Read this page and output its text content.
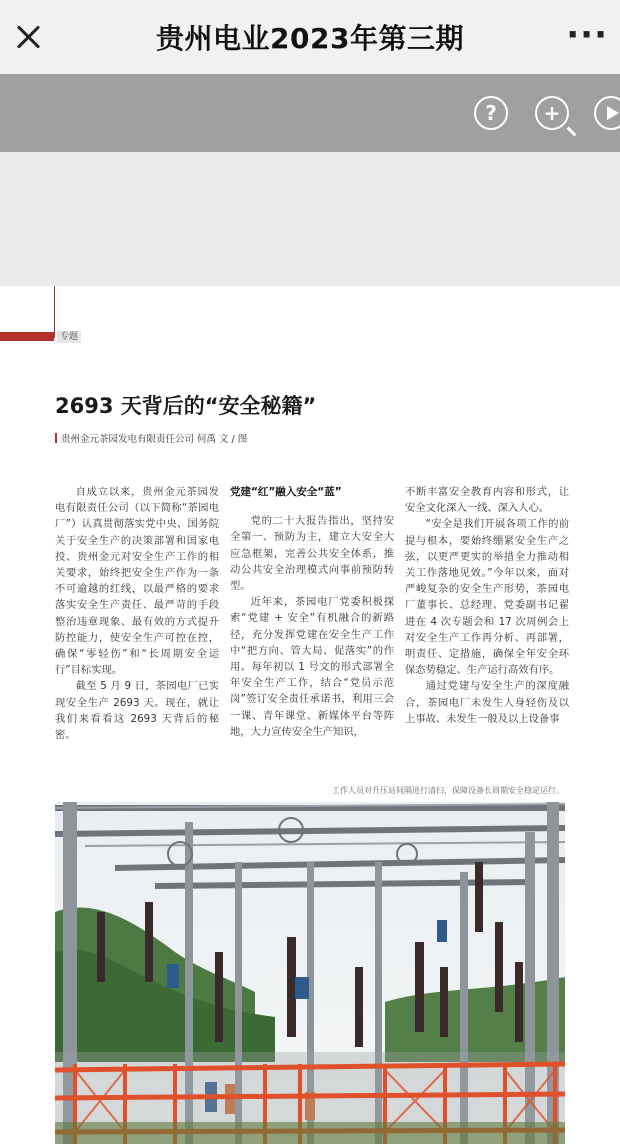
贵州电业2023年第三期	···
?	+
专题
2693 天背后的“安全秘籍”
贵州金元茶园发电有限责任公司 何禹 文 / 图

自成立以来，贵州金元茶园发电有限责任公司（以下简称“茶园电厂”）认真贯彻落实党中央、国务院关于安全生产的决策部署和国家电投、贵州金元对安全生产工作的相关要求，始终把安全生产作为一条不可逾越的红线，以最严格的要求落实安全生产责任、最严苛的手段整治违章现象、最有效的方式提升防控能力，使安全生产可控在控，确保“零轻伤”和“长周期安全运行”目标实现。

截至 5 月 9 日，茶园电厂已实现安全生产 2693 天。现在，就让我们来看看这 2693 天背后的秘密。

党建“红”融入安全“蓝”

党的二十大报告指出，坚持安全第一、预防为主，建立大安全大应急框架，完善公共安全体系，推动公共安全治理模式向事前预防转型。

近年来，茶园电厂党委积极探索“党建 + 安全”有机融合的新路径，充分发挥党建在安全生产工作中“把方向、管大局、促落实”的作用。每年初以 1 号文的形式部署全年安全生产工作，结合“党员示范岗”签订安全责任承诺书，利用三会一课、青年课堂、新媒体平台等阵地，大力宣传安全生产知识，

不断丰富安全教育内容和形式，让安全文化深入一线、深入人心。

“安全是我们开展各项工作的前提与根本，要始终绷紧安全生产之弦，以更严更实的举措全力推动相关工作落地见效。”今年以来，面对严峻复杂的安全生产形势，茶园电厂董事长、总经理、党委副书记翟进在 4 次专题会和 17 次周例会上对安全生产工作再分析、再部署，明责任、定措施，确保全年安全环保态势稳定、生产运行高效有序。

通过党建与安全生产的深度融合，茶园电厂未发生人身轻伤及以上事故、未发生一般及以上设备事

工作人员对升压站间隔进行清扫，保障设备长周期安全稳定运行。
